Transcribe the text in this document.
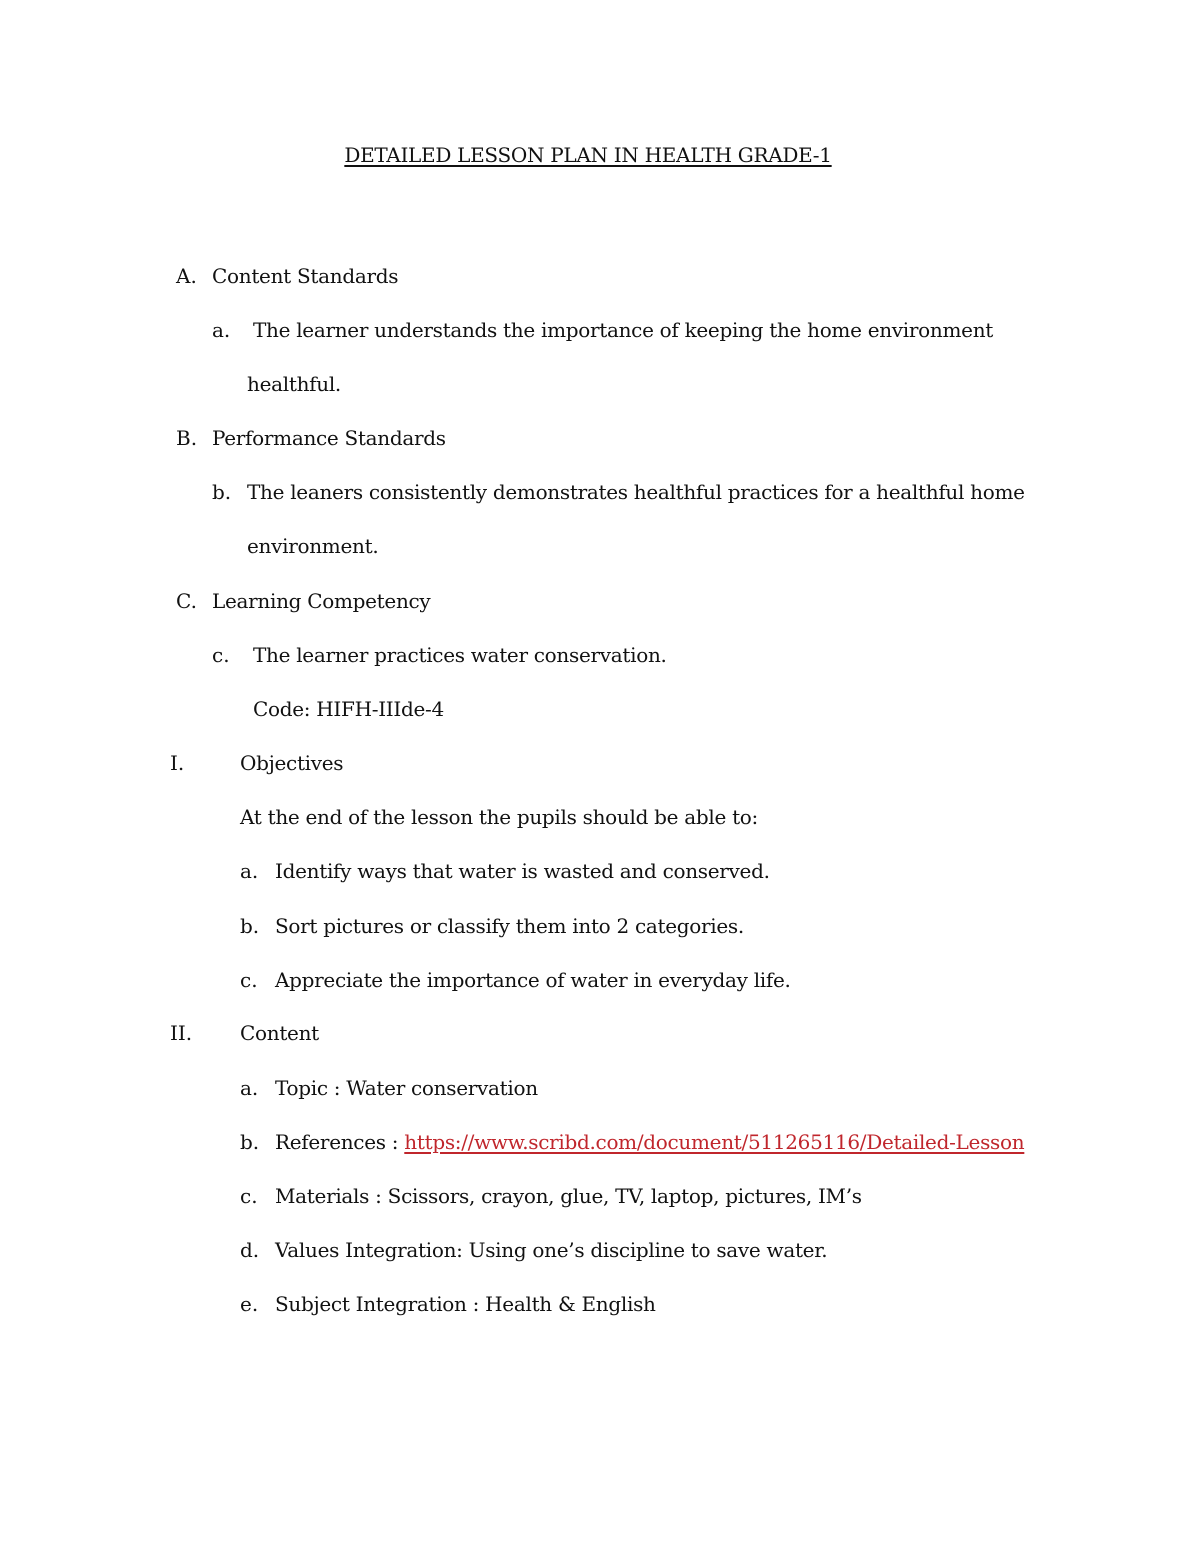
DETAILED LESSON PLAN IN HEALTH GRADE-1
A. Content Standards
a. The learner understands the importance of keeping the home environment
healthful.
B. Performance Standards
b. The leaners consistently demonstrates healthful practices for a healthful home
environment.
C. Learning Competency
c. The learner practices water conservation.
Code: HIFH-IIIde-4
I.	Objectives
At the end of the lesson the pupils should be able to:
a. Identify ways that water is wasted and conserved.
b. Sort pictures or classify them into 2 categories.
c. Appreciate the importance of water in everyday life.
II. Content
a. Topic : Water conservation
b. References : https://www.scribd.com/document/511265116/Detailed-Lesson
c. Materials : Scissors, crayon, glue, TV, laptop, pictures, IM’s
d. Values Integration: Using one’s discipline to save water.
e. Subject Integration : Health & English
